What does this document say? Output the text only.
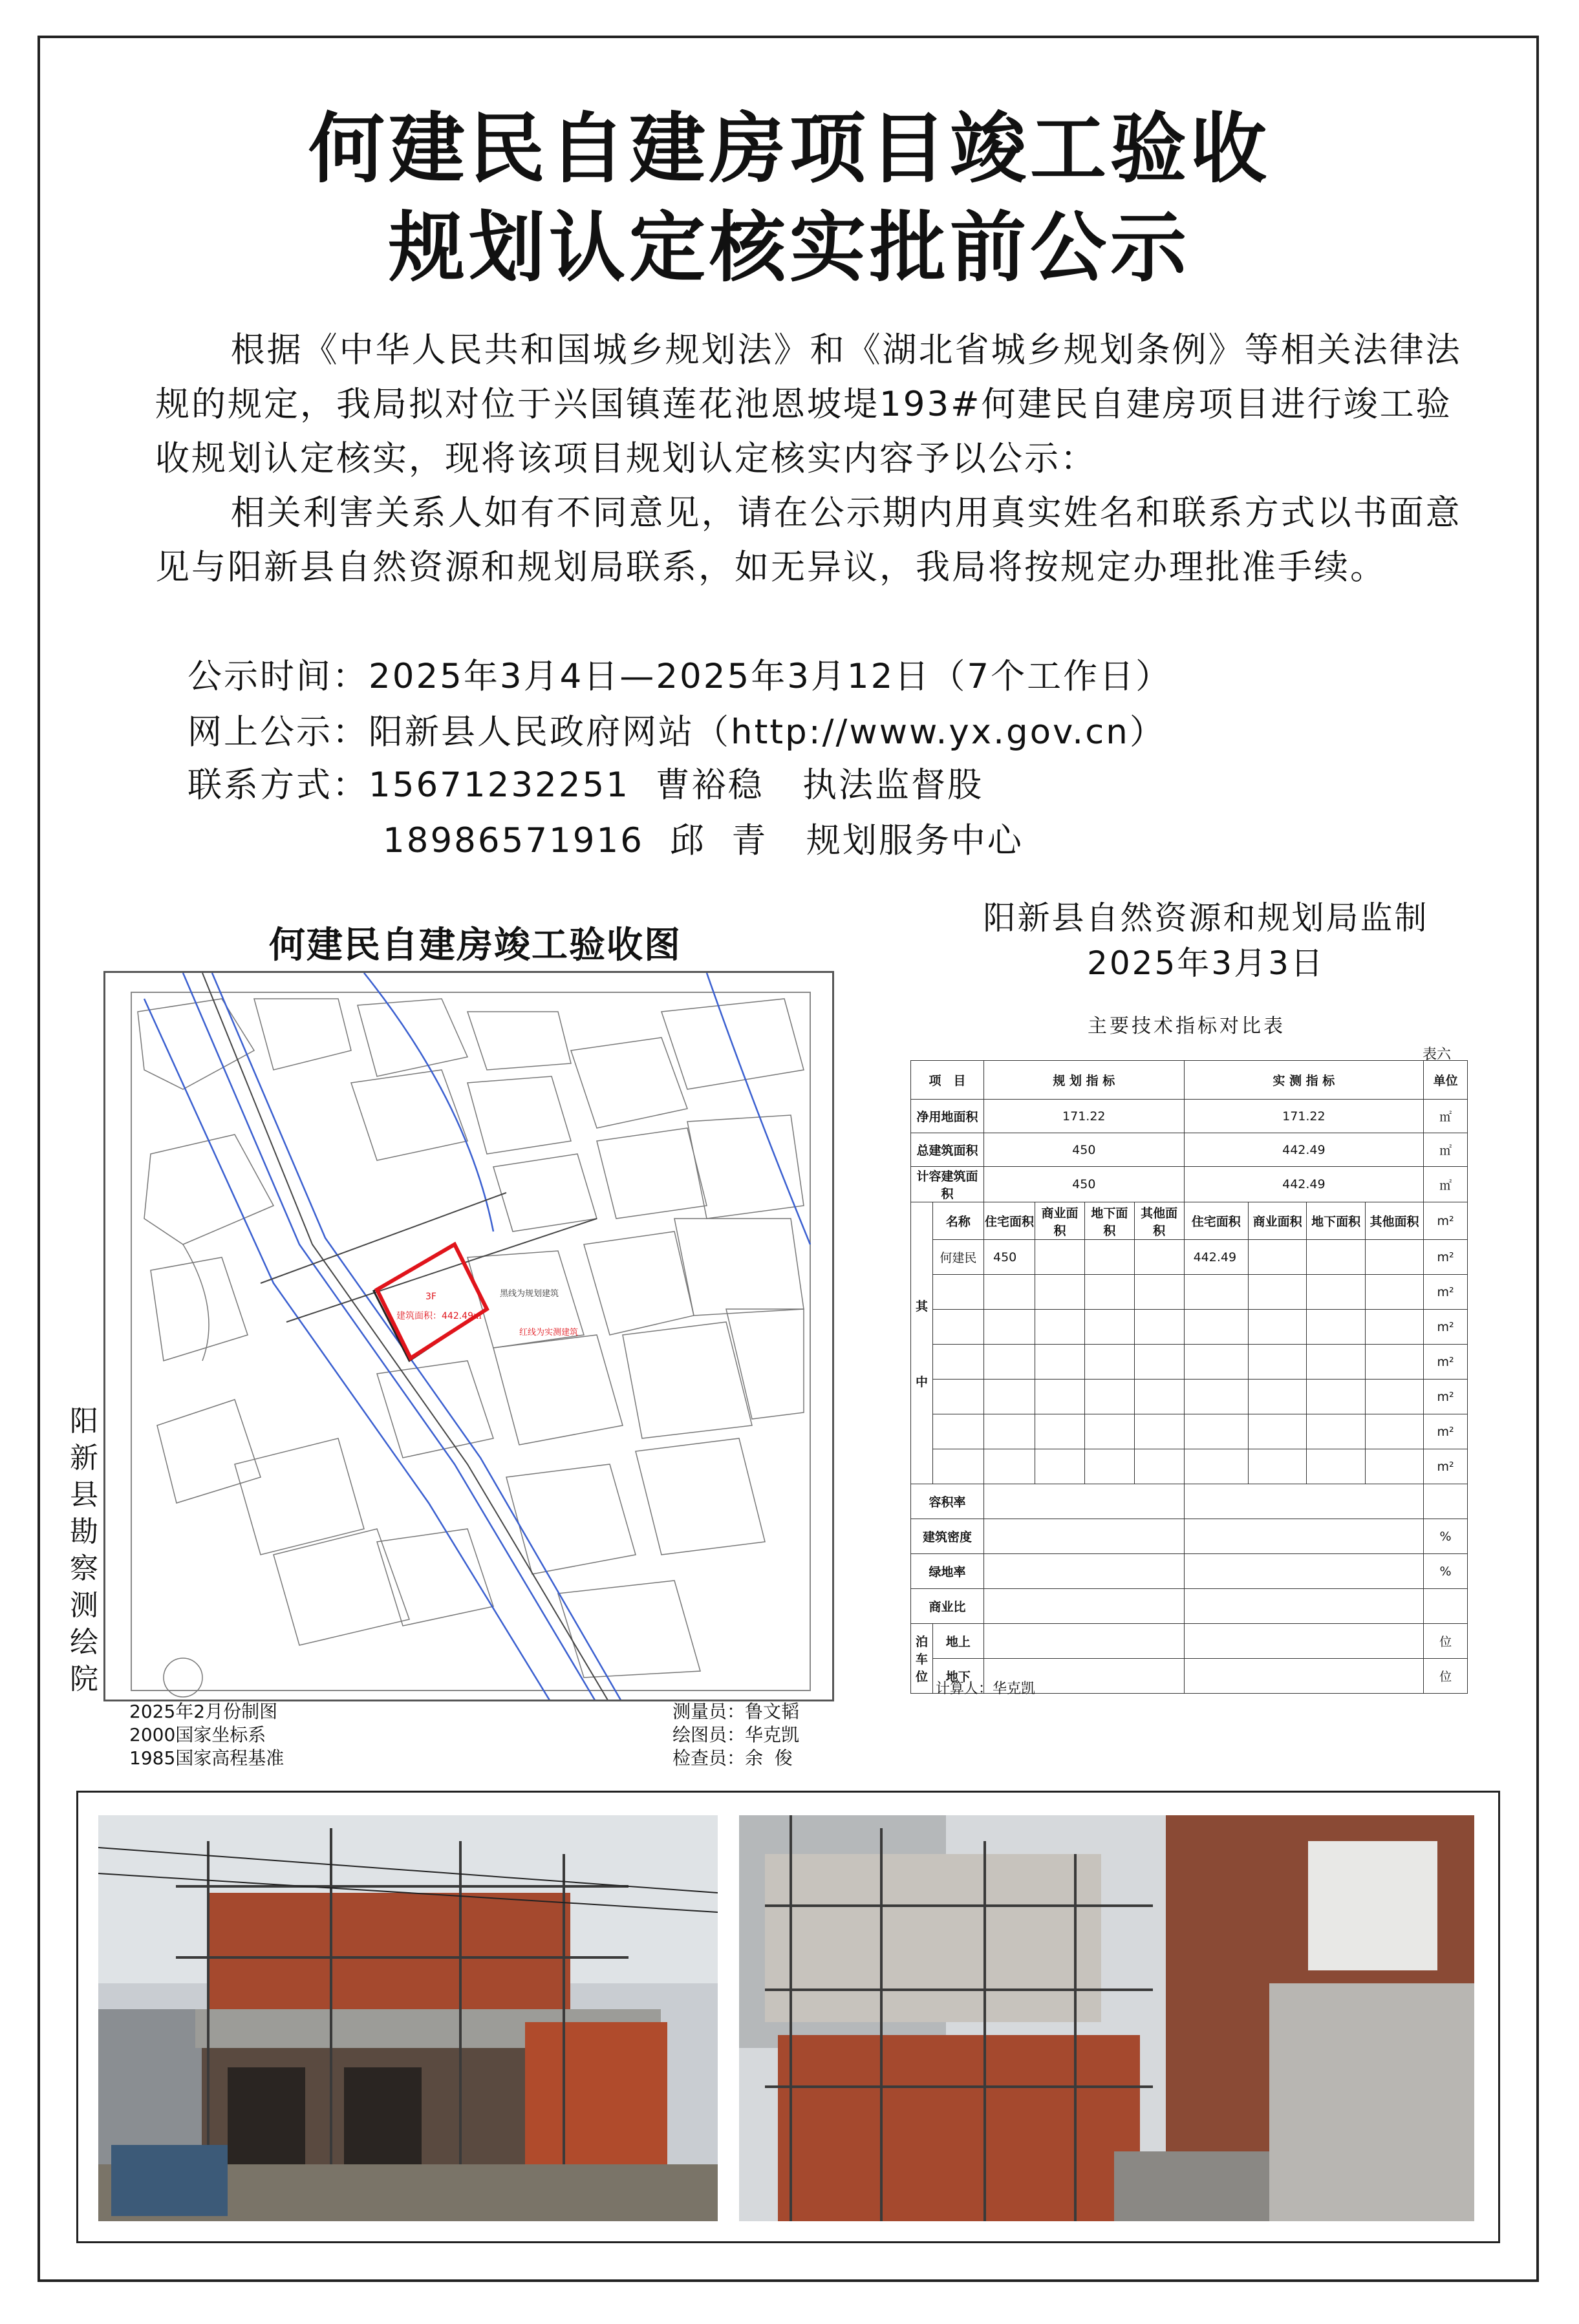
何建民自建房项目竣工验收
规划认定核实批前公示

根据《中华人民共和国城乡规划法》和《湖北省城乡规划条例》等相关法律法规的规定，我局拟对位于兴国镇莲花池恩坡堤193#何建民自建房项目进行竣工验收规划认定核实，现将该项目规划认定核实内容予以公示：

相关利害关系人如有不同意见，请在公示期内用真实姓名和联系方式以书面意见与阳新县自然资源和规划局联系，如无异议，我局将按规定办理批准手续。

公示时间：2025年3月4日—2025年3月12日（7个工作日）
网上公示：阳新县人民政府网站（http://www.yx.gov.cn）
联系方式：15671232251  曹裕稳   执法监督股
18986571916  邱  青   规划服务中心
何建民自建房竣工验收图
阳新县勘察测绘院
3F
建筑面积：442.49㎡
黑线为规划建筑
红线为实测建筑
2025年2月份制图
2000国家坐标系
1985国家高程基准
测量员：鲁文韬
绘图员：华克凯
检查员：余  俊
阳新县自然资源和规划局监制
2025年3月3日
主要技术指标对比表
表六
项　目		规 划 指 标				实 测 指 标				单位
净用地面积		171.22				171.22				㎡
总建筑面积		450				442.49				㎡
计容建筑面积		450				442.49				㎡

其
中	名称	住宅面积	商业面积	地下面积	其他面积	住宅面积	商业面积	地下面积	其他面积	m²
	何建民	450				442.49				m²
										m²
										m²
										m²
										m²
										m²
										m²
容积率										
建筑密度										%
绿地率										%
商业比										
泊车位	地上									位
	地下									位
计算人：华克凯
